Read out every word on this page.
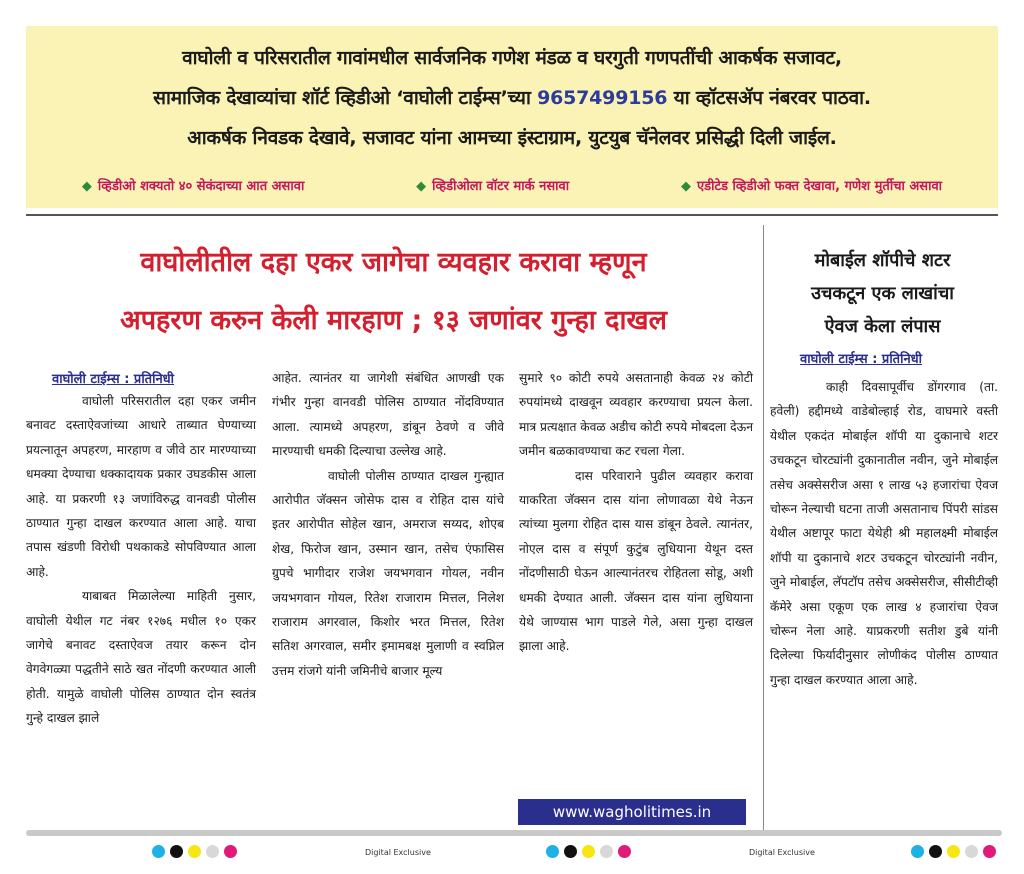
वाघोली व परिसरातील गावांमधील सार्वजनिक गणेश मंडळ व घरगुती गणपतींची आकर्षक सजावट,
सामाजिक देखाव्यांचा शॉर्ट व्हिडीओ ‘वाघोली टाईम्स’च्या 9657499156 या व्हॉटसॲप नंबरवर पाठवा.
आकर्षक निवडक देखावे, सजावट यांना आमच्या इंस्टाग्राम, युटयुब चॅनेलवर प्रसिद्धी दिली जाईल.
◆ व्हिडीओ शक्यतो ४० सेकंदाच्या आत असावा	◆ व्हिडीओला वॉटर मार्क नसावा	◆ एडीटेड व्हिडीओ फक्त देखावा, गणेश मुर्तीचा असावा
वाघोलीतील दहा एकर जागेचा व्यवहार करावा म्हणून
अपहरण करुन केली मारहाण ; १३ जणांवर गुन्हा दाखल
वाघोली टाईम्स : प्रतिनिधी

वाघोली परिसरातील दहा एकर जमीन बनावट दस्ताऐवजांच्या आधारे ताब्यात घेण्याच्या प्रयत्नातून अपहरण, मारहाण व जीवे ठार मारण्याच्या धमक्या देण्याचा धक्कादायक प्रकार उघडकीस आला आहे. या प्रकरणी १३ जणांविरुद्ध वानवडी पोलीस ठाण्यात गुन्हा दाखल करण्यात आला आहे. याचा तपास खंडणी विरोधी पथकाकडे सोपविण्यात आला आहे.

याबाबत मिळालेल्या माहिती नुसार, वाघोली येथील गट नंबर १२७६ मधील १० एकर जागेचे बनावट दस्ताऐवज तयार करून दोन वेगवेगळ्या पद्धतीने साठे खत नोंदणी करण्यात आली होती. यामुळे वाघोली पोलिस ठाण्यात दोन स्वतंत्र गुन्हे दाखल झाले

आहेत. त्यानंतर या जागेशी संबंधित आणखी एक गंभीर गुन्हा वानवडी पोलिस ठाण्यात नोंदविण्यात आला. त्यामध्ये अपहरण, डांबून ठेवणे व जीवे मारण्याची धमकी दिल्याचा उल्लेख आहे.

वाघोली पोलीस ठाण्यात दाखल गुन्ह्यात आरोपीत जॅक्सन जोसेफ दास व रोहित दास यांचे इतर आरोपीत सोहेल खान, अमराज सय्यद, शोएब शेख, फिरोज खान, उस्मान खान, तसेच एंफासिस ग्रुपचे भागीदार राजेश जयभगवान गोयल, नवीन जयभगवान गोयल, रितेश राजाराम मित्तल, निलेश राजाराम अगरवाल, किशोर भरत मित्तल, रितेश सतिश अगरवाल, समीर इमामबक्ष मुलाणी व स्वप्निल उत्तम रांजगे यांनी जमिनीचे बाजार मूल्य

सुमारे ९० कोटी रुपये असतानाही केवळ २४ कोटी रुपयांमध्ये दाखवून व्यवहार करण्याचा प्रयत्न केला. मात्र प्रत्यक्षात केवळ अडीच कोटी रुपये मोबदला देऊन जमीन बळकावण्याचा कट रचला गेला.

दास परिवाराने पुढील व्यवहार करावा याकरिता जॅक्सन दास यांना लोणावळा येथे नेऊन त्यांच्या मुलगा रोहित दास यास डांबून ठेवले. त्यानंतर, नोएल दास व संपूर्ण कुटुंब लुधियाना येथून दस्त नोंदणीसाठी घेऊन आल्यानंतरच रोहितला सोडू, अशी धमकी देण्यात आली. जॅक्सन दास यांना लुधियाना येथे जाण्यास भाग पाडले गेले, असा गुन्हा दाखल झाला आहे.

www.wagholitimes.in
मोबाईल शॉपीचे शटर
उचकटून एक लाखांचा
ऐवज केला लंपास
वाघोली टाईम्स : प्रतिनिधी

काही दिवसापूर्वीच डोंगरगाव (ता. हवेली) हद्दीमध्ये वाडेबोल्हाई रोड, वाघमारे वस्ती येथील एकदंत मोबाईल शॉपी या दुकानाचे शटर उचकटून चोरट्यांनी दुकानातील नवीन, जुने मोबाईल तसेच अक्सेसरीज असा १ लाख ५३ हजारांचा ऐवज चोरून नेल्याची घटना ताजी असतानाच पिंपरी सांडस येथील अष्टापूर फाटा येथेही श्री महालक्ष्मी मोबाईल शॉपी या दुकानाचे शटर उचकटून चोरट्यांनी नवीन, जुने मोबाईल, लॅपटॉप तसेच अक्सेसरीज, सीसीटीव्ही कॅमेरे असा एकूण एक लाख ४ हजारांचा ऐवज चोरून नेला आहे. याप्रकरणी सतीश डुबे यांनी दिलेल्या फिर्यादीनुसार लोणीकंद पोलीस ठाण्यात गुन्हा दाखल करण्यात आला आहे.

Digital Exclusive	Digital Exclusive
